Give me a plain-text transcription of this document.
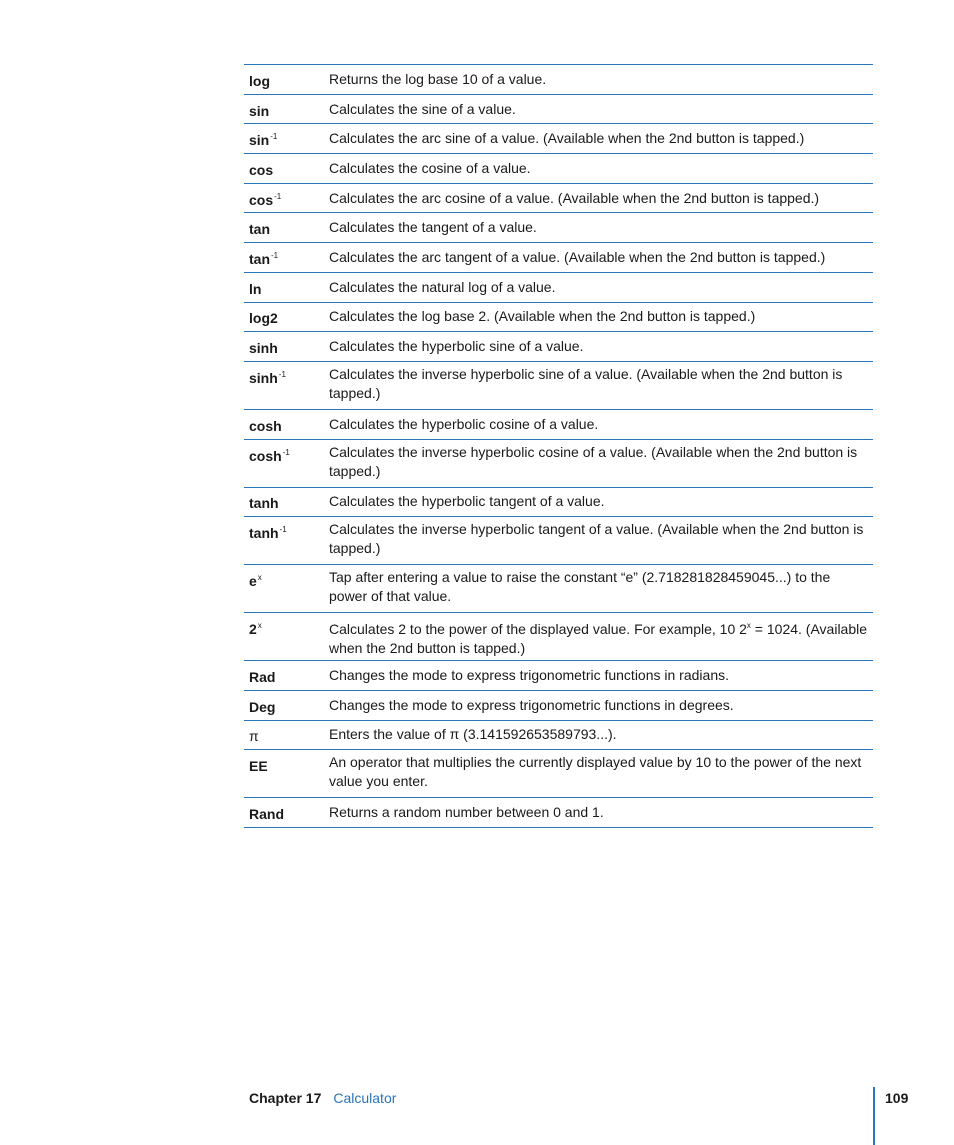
log	Returns the log base 10 of a value.
sin	Calculates the sine of a value.
$\sin^{-1}$	Calculates the arc sine of a value. (Available when the 2nd button is tapped.)
cos	Calculates the cosine of a value.
$\cos^{-1}$	Calculates the arc cosine of a value. (Available when the 2nd button is tapped.)
tan	Calculates the tangent of a value.
$\tan^{-1}$	Calculates the arc tangent of a value. (Available when the 2nd button is tapped.)
ln	Calculates the natural log of a value.
log2	Calculates the log base 2. (Available when the 2nd button is tapped.)
sinh	Calculates the hyperbolic sine of a value.
$\sinh^{-1}$	Calculates the inverse hyperbolic sine of a value. (Available when the 2nd button is tapped.)
cosh	Calculates the hyperbolic cosine of a value.
$\cosh^{-1}$	Calculates the inverse hyperbolic cosine of a value. (Available when the 2nd button is tapped.)
tanh	Calculates the hyperbolic tangent of a value.
$\tanh^{-1}$	Calculates the inverse hyperbolic tangent of a value. (Available when the 2nd button is tapped.)
$e^x$	Tap after entering a value to raise the constant “e” (2.718281828459045...) to the power of that value.
2$^x$	Calculates 2 to the power of the displayed value. For example, 10 $2^x = 1024$. (Available when the 2nd button is tapped.)
Rad	Changes the mode to express trigonometric functions in radians.
Deg	Changes the mode to express trigonometric functions in degrees.
π	Enters the value of π (3.141592653589793...).
EE	An operator that multiplies the currently displayed value by 10 to the power of the next value you enter.
Rand	Returns a random number between 0 and 1.
Chapter 17 Calculator	109
